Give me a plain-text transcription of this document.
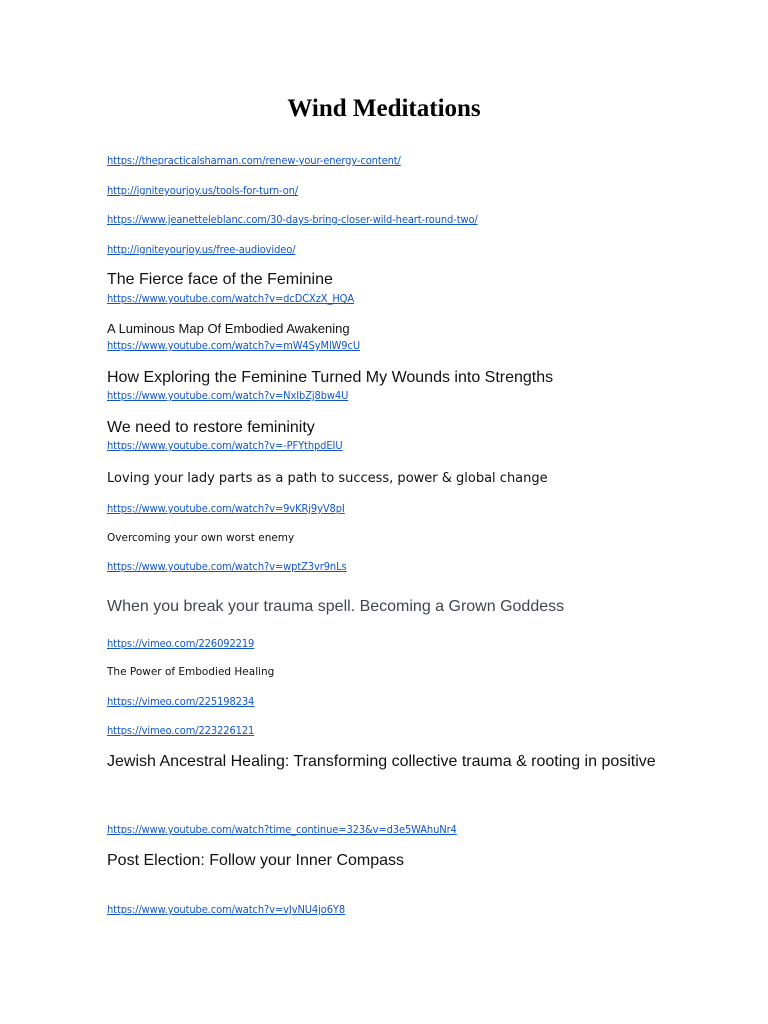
Wind Meditations
https://thepracticalshaman.com/renew-your-energy-content/
http://igniteyourjoy.us/tools-for-turn-on/
https://www.jeanetteleblanc.com/30-days-bring-closer-wild-heart-round-two/
http://igniteyourjoy.us/free-audiovideo/
The Fierce face of the Feminine
https://www.youtube.com/watch?v=dcDCXzX_HQA
A Luminous Map Of Embodied Awakening
https://www.youtube.com/watch?v=mW4SyMlW9cU
How Exploring the Feminine Turned My Wounds into Strengths
https://www.youtube.com/watch?v=NxIbZj8bw4U
We need to restore femininity
https://www.youtube.com/watch?v=-PFYthpdEIU
Loving your lady parts as a path to success, power & global change
https://www.youtube.com/watch?v=9vKRj9yV8pI
Overcoming your own worst enemy
https://www.youtube.com/watch?v=wptZ3vr9nLs
When you break your trauma spell. Becoming a Grown Goddess
https://vimeo.com/226092219
The Power of Embodied Healing
https://vimeo.com/225198234
https://vimeo.com/223226121
Jewish Ancestral Healing: Transforming collective trauma & rooting in positive
https://www.youtube.com/watch?time_continue=323&v=d3e5WAhuNr4
Post Election: Follow your Inner Compass
https://www.youtube.com/watch?v=vJvNU4jo6Y8
